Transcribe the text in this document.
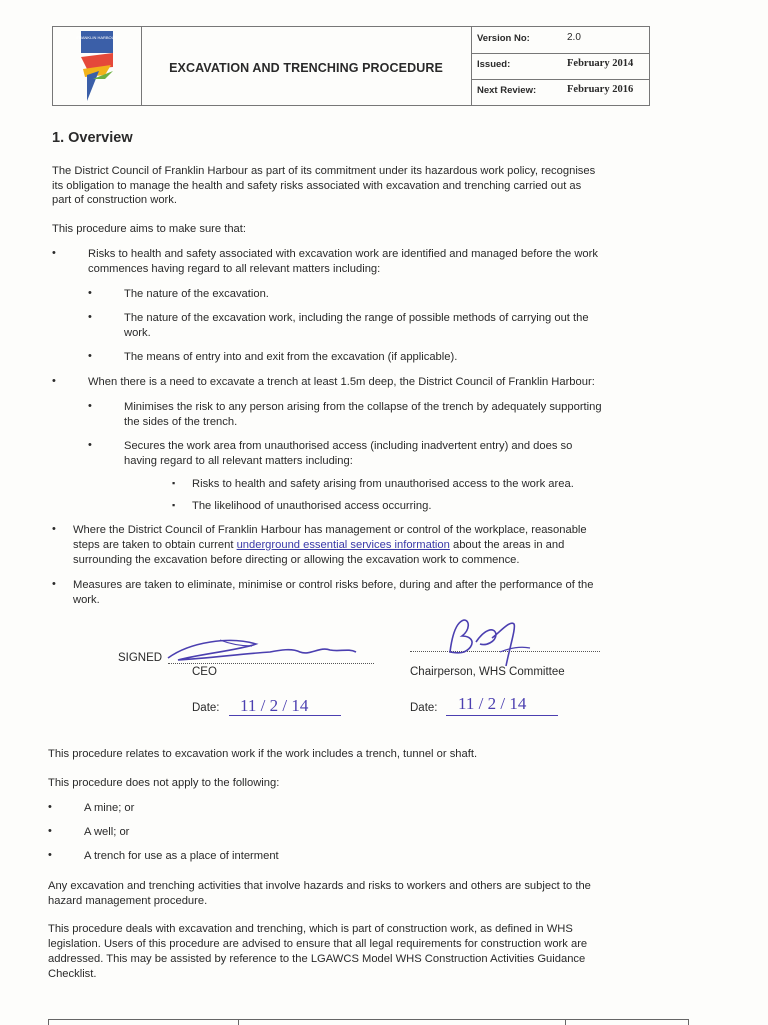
FRANKLIN HARBOUR
EXCAVATION AND TRENCHING PROCEDURE
Version No:	2.0
Issued:	February 2014
Next Review:	February 2016
1. Overview
The District Council of Franklin Harbour as part of its commitment under its hazardous work policy, recognises
its obligation to manage the health and safety risks associated with excavation and trenching carried out as
part of construction work.
This procedure aims to make sure that:
•	Risks to health and safety associated with excavation work are identified and managed before the work
commences having regard to all relevant matters including:
•	The nature of the excavation.
•	The nature of the excavation work, including the range of possible methods of carrying out the
work.
•	The means of entry into and exit from the excavation (if applicable).
•	When there is a need to excavate a trench at least 1.5m deep, the District Council of Franklin Harbour:
•	Minimises the risk to any person arising from the collapse of the trench by adequately supporting
the sides of the trench.
•	Secures the work area from unauthorised access (including inadvertent entry) and does so
having regard to all relevant matters including:
▪ Risks to health and safety arising from unauthorised access to the work area.
▪ The likelihood of unauthorised access occurring.
• Where the District Council of Franklin Harbour has management or control of the workplace, reasonable
steps are taken to obtain current underground essential services information about the areas in and
surrounding the excavation before directing or allowing the excavation work to commence.
• Measures are taken to eliminate, minimise or control risks before, during and after the performance of the
work.
SIGNED
CEO	Chairperson, WHS Committee
Date: 11 / 2 / 14	Date: 11 / 2 / 14
This procedure relates to excavation work if the work includes a trench, tunnel or shaft.
This procedure does not apply to the following:
•	A mine; or
•	A well; or
•	A trench for use as a place of interment
Any excavation and trenching activities that involve hazards and risks to workers and others are subject to the
hazard management procedure.
This procedure deals with excavation and trenching, which is part of construction work, as defined in WHS
legislation. Users of this procedure are advised to ensure that all legal requirements for construction work are
addressed. This may be assisted by reference to the LGAWCS Model WHS Construction Activities Guidance
Checklist.
